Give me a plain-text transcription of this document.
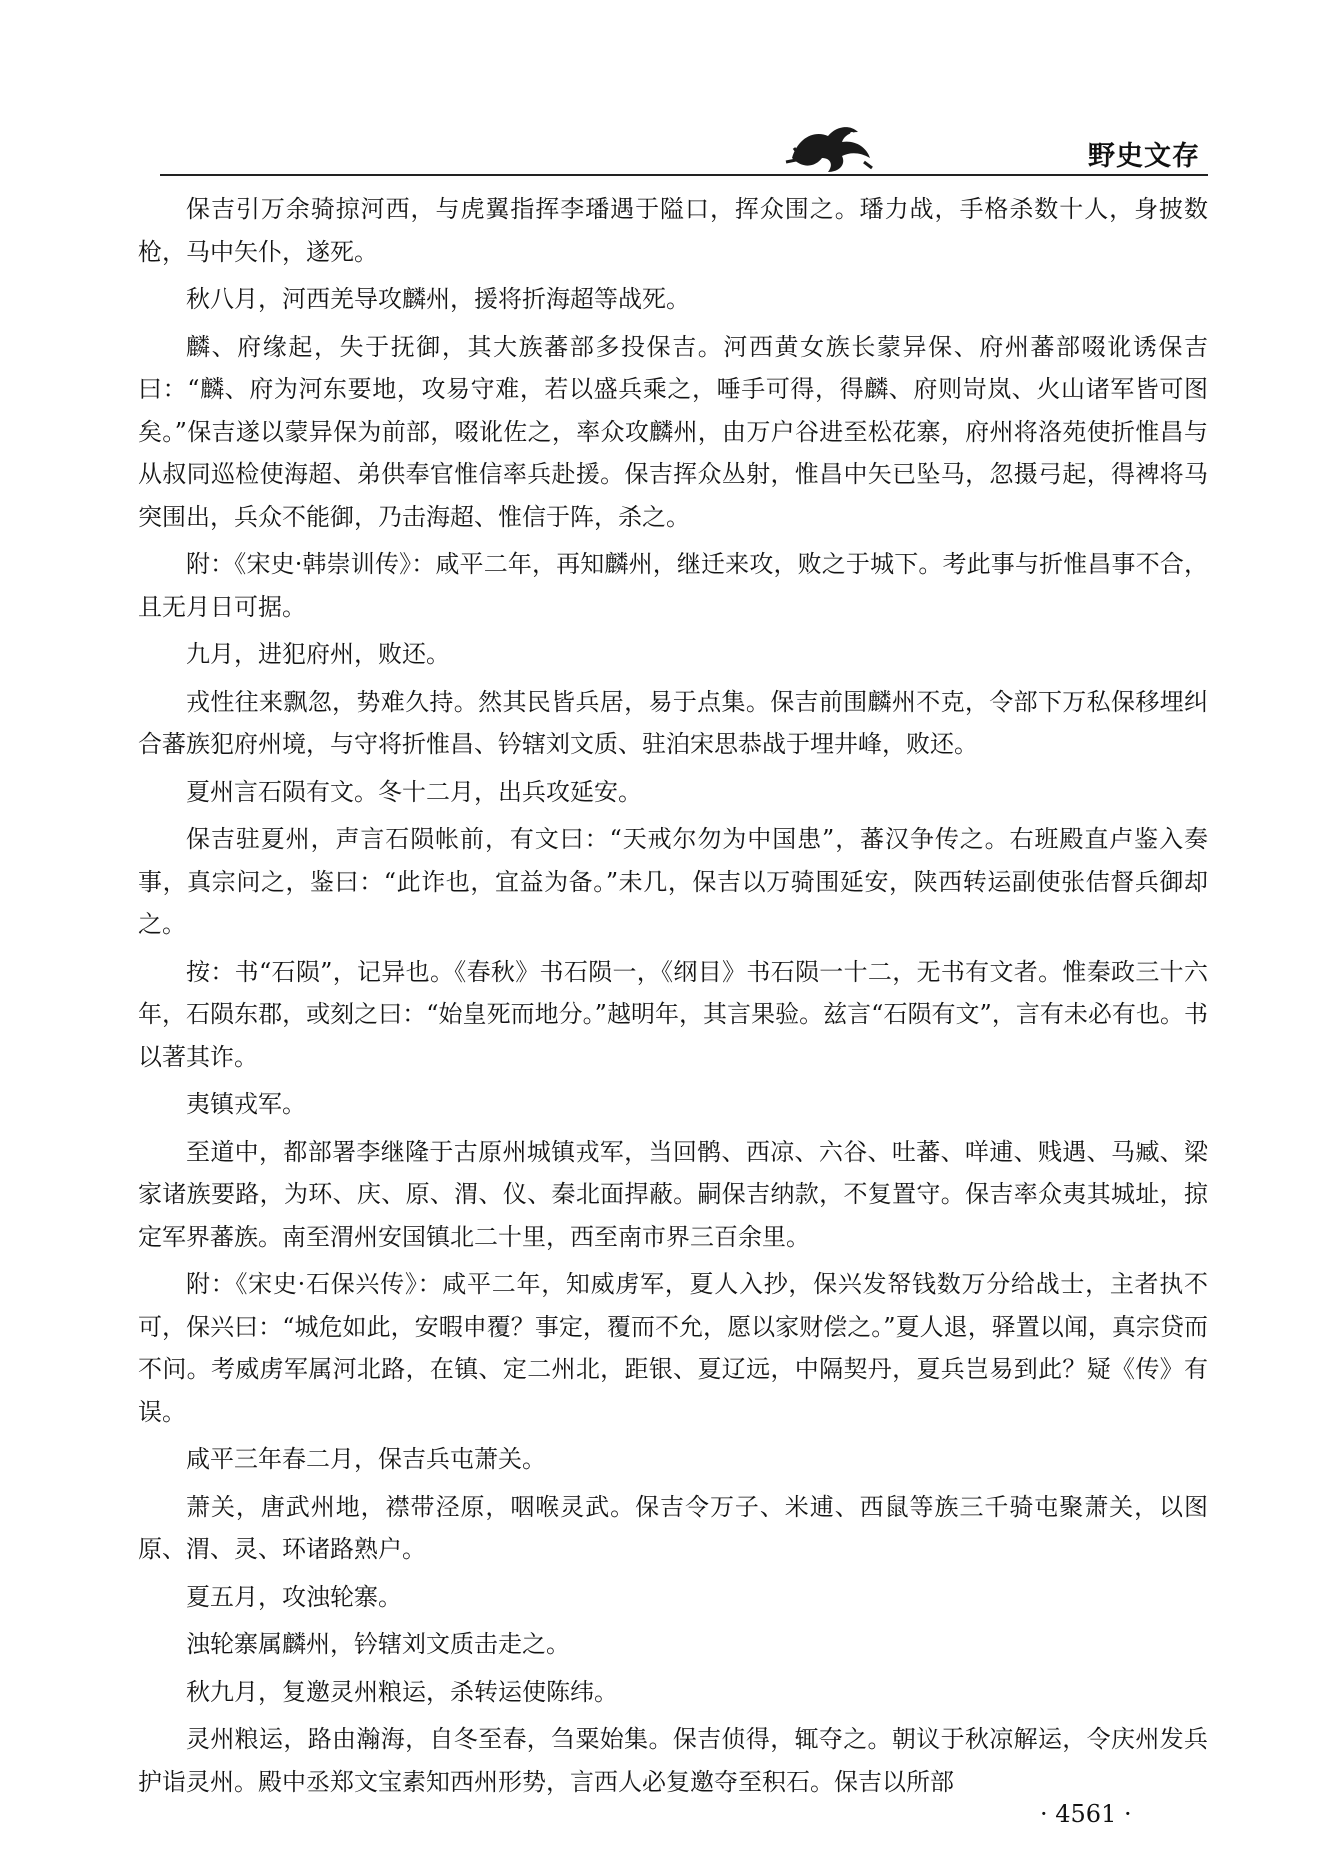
野史文存

保吉引万余骑掠河西，与虎翼指挥李璠遇于隘口，挥众围之。璠力战，手格杀数十人，身披数枪，马中矢仆，遂死。

秋八月，河西羌导攻麟州，援将折海超等战死。

麟、府缘起，失于抚御，其大族蕃部多投保吉。河西黄女族长蒙异保、府州蕃部啜讹诱保吉曰：“麟、府为河东要地，攻易守难，若以盛兵乘之，唾手可得，得麟、府则岢岚、火山诸军皆可图矣。”保吉遂以蒙异保为前部，啜讹佐之，率众攻麟州，由万户谷进至松花寨，府州将洛苑使折惟昌与从叔同巡检使海超、弟供奉官惟信率兵赴援。保吉挥众丛射，惟昌中矢已坠马，忽摄弓起，得裨将马突围出，兵众不能御，乃击海超、惟信于阵，杀之。

附：《宋史·韩崇训传》：咸平二年，再知麟州，继迁来攻，败之于城下。考此事与折惟昌事不合，且无月日可据。

九月，进犯府州，败还。

戎性往来飘忽，势难久持。然其民皆兵居，易于点集。保吉前围麟州不克，令部下万私保移埋纠合蕃族犯府州境，与守将折惟昌、钤辖刘文质、驻泊宋思恭战于埋井峰，败还。

夏州言石陨有文。冬十二月，出兵攻延安。

保吉驻夏州，声言石陨帐前，有文曰：“天戒尔勿为中国患”，蕃汉争传之。右班殿直卢鉴入奏事，真宗问之，鉴曰：“此诈也，宜益为备。”未几，保吉以万骑围延安，陕西转运副使张佶督兵御却之。

按：书“石陨”，记异也。《春秋》书石陨一，《纲目》书石陨一十二，无书有文者。惟秦政三十六年，石陨东郡，或刻之曰：“始皇死而地分。”越明年，其言果验。兹言“石陨有文”，言有未必有也。书以著其诈。

夷镇戎军。

至道中，都部署李继隆于古原州城镇戎军，当回鹘、西凉、六谷、吐蕃、咩逋、贱遇、马臧、梁家诸族要路，为环、庆、原、渭、仪、秦北面捍蔽。嗣保吉纳款，不复置守。保吉率众夷其城址，掠定军界蕃族。南至渭州安国镇北二十里，西至南市界三百余里。

附：《宋史·石保兴传》：咸平二年，知威虏军，夏人入抄，保兴发帑钱数万分给战士，主者执不可，保兴曰：“城危如此，安暇申覆？事定，覆而不允，愿以家财偿之。”夏人退，驿置以闻，真宗贷而不问。考威虏军属河北路，在镇、定二州北，距银、夏辽远，中隔契丹，夏兵岂易到此？疑《传》有误。

咸平三年春二月，保吉兵屯萧关。

萧关，唐武州地，襟带泾原，咽喉灵武。保吉令万子、米逋、西鼠等族三千骑屯聚萧关，以图原、渭、灵、环诸路熟户。

夏五月，攻浊轮寨。

浊轮寨属麟州，钤辖刘文质击走之。

秋九月，复邀灵州粮运，杀转运使陈纬。

灵州粮运，路由瀚海，自冬至春，刍粟始集。保吉侦得，辄夺之。朝议于秋凉解运，令庆州发兵护诣灵州。殿中丞郑文宝素知西州形势，言西人必复邀夺至积石。保吉以所部

· 4561 ·
